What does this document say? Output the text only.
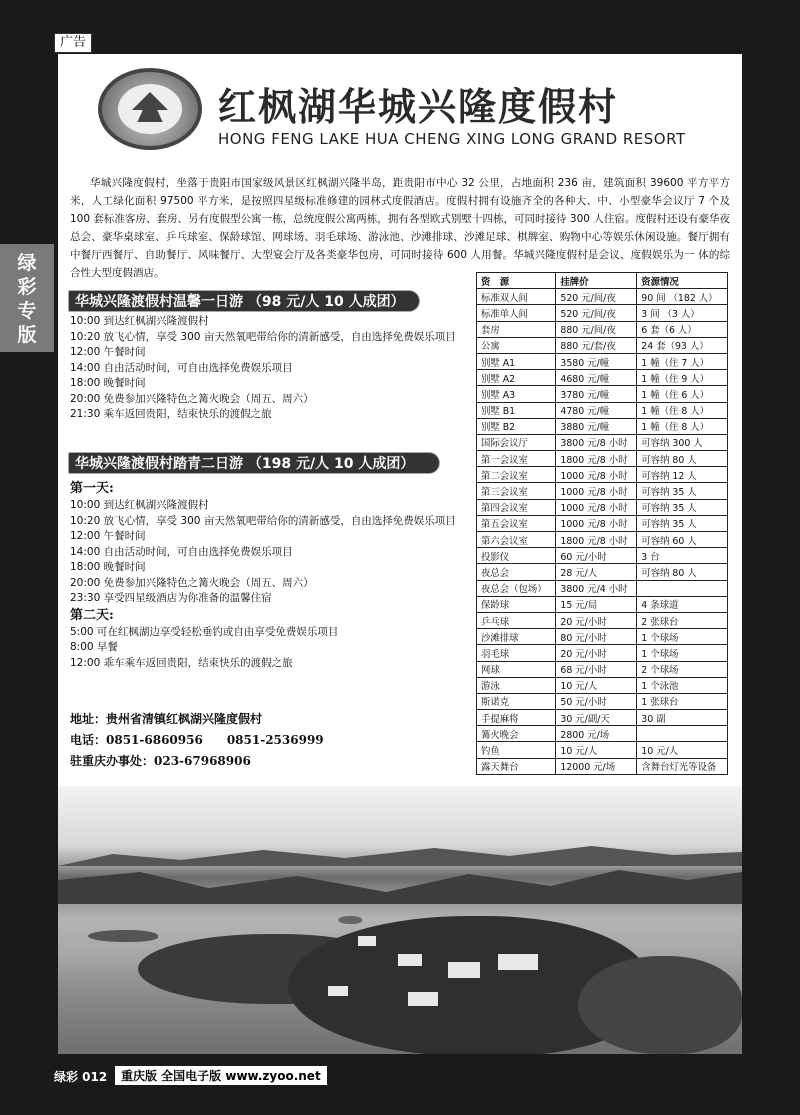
广告
绿
彩
专
版
红枫湖华城兴隆度假村
HONG FENG LAKE HUA CHENG XING LONG GRAND RESORT

华城兴隆度假村，坐落于贵阳市国家级风景区红枫湖兴隆半岛，距贵阳市中心 32 公里，占地面积 236 亩，建筑面积 39600 平方平方米，人工绿化面积 97500 平方米，是按照四星级标准修建的园林式度假酒店。度假村拥有设施齐全的各种大、中、小型豪华会议厅 7 个及 100 套标准客房、套房、另有度假型公寓一栋，总统度假公寓两栋，拥有各型欧式别墅十四栋，可同时接待 300 人住宿。度假村还设有豪华夜总会、豪华桌球室、乒乓球室、保龄球馆、网球场、羽毛球场、游泳池、沙滩排球、沙滩足球、棋牌室、购物中心等娱乐休闲设施。餐厅拥有中餐厅西餐厅、自助餐厅、风味餐厅、大型宴会厅及各类豪华包房，可同时接待 600 人用餐。华城兴隆度假村是会议、度假娱乐为一 体的综合性大型度假酒店。

华城兴隆渡假村温馨一日游 （98 元/人 10 人成团）
10:00 到达红枫湖兴隆渡假村
10:20 放飞心情，享受 300 亩天然氧吧带给你的清新感受，自由选择免费娱乐项目
12:00 午餐时间
14:00 自由活动时间，可自由选择免费娱乐项目
18:00 晚餐时间
20:00 免费参加兴隆特色之篝火晚会（周五、周六）
21:30 乘车返回贵阳，结束快乐的渡假之旅
华城兴隆渡假村踏青二日游 （198 元/人 10 人成团）
第一天:
10:00 到达红枫湖兴隆渡假村
10:20 放飞心情，享受 300 亩天然氧吧带给你的清新感受，自由选择免费娱乐项目
12:00 午餐时间
14:00 自由活动时间，可自由选择免费娱乐项目
18:00 晚餐时间
20:00 免费参加兴隆特色之篝火晚会（周五、周六）
23:30 享受四星级酒店为你准备的温馨住宿
第二天:
5:00 可在红枫湖边享受轻松垂钓或自由享受免费娱乐项目
8:00 早餐
12:00 乖车乘车返回贵阳，结束快乐的渡假之旅
地址：贵州省清镇红枫湖兴隆度假村
电话：0851-6860956　　0851-2536999
驻重庆办事处：023-67968906
资　源	挂牌价	资源情况
标准双人间	520 元/间/夜	90 间 （182 人）
标准单人间	520 元/间/夜	3 间 （3 人）
套房	880 元/间/夜	6 套（6 人）
公寓	880 元/套/夜	24 套（93 人）
别墅 A1	3580 元/幢	1 幢（住 7 人）
别墅 A2	4680 元/幢	1 幢（住 9 人）
别墅 A3	3780 元/幢	1 幢（住 6 人）
别墅 B1	4780 元/幢	1 幢（住 8 人）
别墅 B2	3880 元/幢	1 幢（住 8 人）
国际会议厅	3800 元/8 小时	可容纳 300 人
第一会议室	1800 元/8 小时	可容纳 80 人
第二会议室	1000 元/8 小时	可容纳 12 人
第三会议室	1000 元/8 小时	可容纳 35 人
第四会议室	1000 元/8 小时	可容纳 35 人
第五会议室	1000 元/8 小时	可容纳 35 人
第六会议室	1800 元/8 小时	可容纳 60 人
投影仪	60 元/小时	3 台
夜总会	28 元/人	可容纳 80 人
夜总会（包场）	3800 元/4 小时	
保龄球	15 元/局	4 条球道
乒乓球	20 元/小时	2 张球台
沙滩排球	80 元/小时	1 个球场
羽毛球	20 元/小时	1 个球场
网球	68 元/小时	2 个球场
游泳	10 元/人	1 个泳池
斯诺克	50 元/小时	1 张球台
手提麻将	30 元/副/天	30 副
篝火晚会	2800 元/场	
钓鱼	10 元/人	10 元/人
露天舞台	12000 元/场	含舞台灯光等设备
绿彩 012	重庆版 全国电子版 www.zyoo.net
